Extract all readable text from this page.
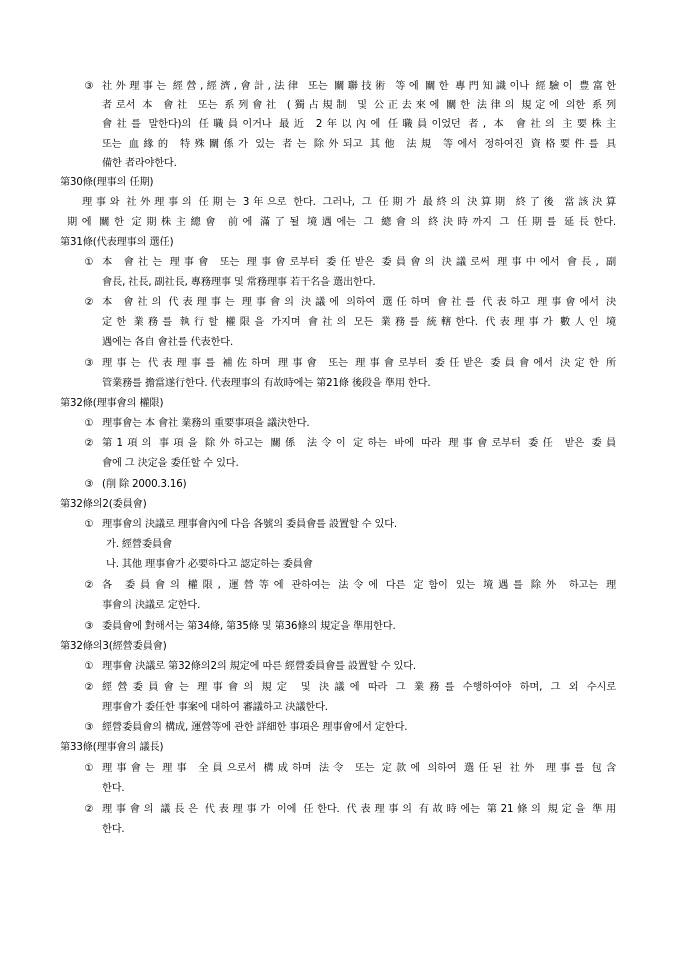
③ 社外理事는 經營,經濟,會計,法律 또는 關聯技術 等에 關한 專門知識이나 經驗이 豊富한
者로서 本 會社 또는 系列會社 (獨占規制 및 公正去來에 關한 法律의 規定에 의한 系列
會社를 말한다)의 任職員이거나 最近 2年以內에 任職員이었던 者, 本 會社의 主要株主
또는 血緣的 特殊關係가 있는 者는 除外되고 其他 法規 等에서 정하여진 資格要件를 具
備한 者라야한다.
第30條(理事의 任期)
理事와 社外理事의 任期는 3年으로 한다. 그러나, 그 任期가 最終의 決算期 終了後 當該決算
期에 關한 定期株主總會 前에 滿了될 境遇에는 그 總會의 終決時까지 그 任期를 延長한다.
第31條(代表理事의 選任)
① 本 會社는 理事會 또는 理事會로부터 委任받은 委員會의 決議로써 理事中에서 會長, 副
會長, 社長, 副社長, 專務理事 및 常務理事 若干名을 選出한다.
② 本 會社의 代表理事는 理事會의 決議에 의하여 選任하며 會社를 代表하고 理事會에서 決
定한 業務를 執行할 權限을 가지며 會社의 모든 業務를 統轄한다. 代表理事가 數人인 境
遇에는 各自 會社를 代表한다.
③ 理事는 代表理事를 補佐하며 理事會 또는 理事會로부터 委任받은 委員會에서 決定한 所
管業務를 擔當遂行한다. 代表理事의 有故時에는 第21條 後段을 準用 한다.
第32條(理事會의 權限)
① 理事會는 本 會社 業務의 重要事項을 議決한다.
② 第1項의 事項을 除外하고는 關係 法令이 定하는 바에 따라 理事會로부터 委任 받은 委員
會에 그 決定을 委任할 수 있다.
③ (削 除 2000.3.16)
第32條의2(委員會)
① 理事會의 決議로 理事會內에 다음 各號의 委員會를 設置할 수 있다.
가. 經營委員會
나. 其他 理事會가 必要하다고 認定하는 委員會
② 各 委員會의 權限, 運營等에 관하여는 法令에 다른 定함이 있는 境遇를 除外 하고는 理
事會의 決議로 定한다.
③ 委員會에 對해서는 第34條, 第35條 및 第36條의 規定을 準用한다.
第32條의3(經營委員會)
① 理事會 決議로 第32條의2의 規定에 따른 經營委員會를 設置할 수 있다.
② 經營委員會는 理事會의 規定 및 決議에 따라 그 業務를 수행하여야 하며, 그 외 수시로
理事會가 委任한 事案에 대하여 審議하고 決議한다.
③ 經營委員會의 構成, 運營等에 관한 詳細한 事項은 理事會에서 定한다.
第33條(理事會의 議長)
① 理事會는 理事 全員으로서 構成하며 法令 또는 定款에 의하여 選任된 社外 理事를 包含
한다.
② 理事會의 議長은 代表理事가 이에 任한다. 代表理事의 有故時에는 第21條의 規定을 準用
한다.
